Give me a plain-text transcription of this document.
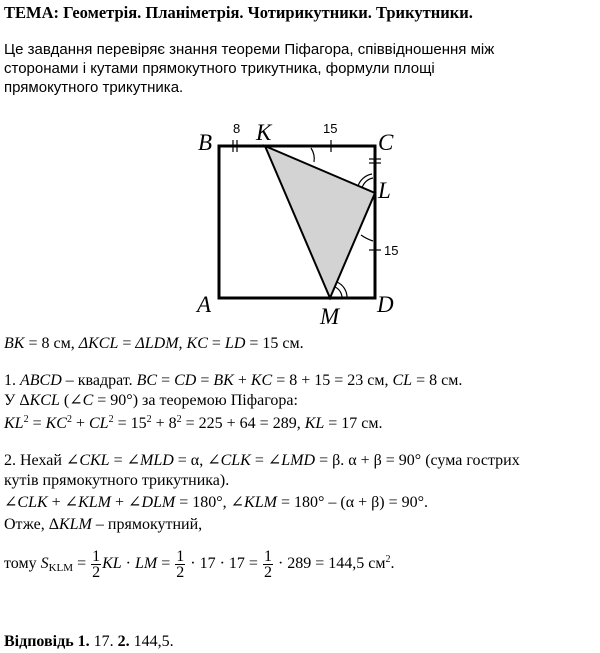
ТЕМА: Геометрія. Планіметрія. Чотирикутники. Трикутники.
Це завдання перевіряє знання теореми Піфагора, співвідношення між
сторонами і кутами прямокутного трикутника, формули площі
прямокутного трикутника.
B K	C
L
A	M D
8	15
15
BK = 8 см, ΔKCL = ΔLDM, KC = LD = 15 см.
1. ABCD – квадрат. BC = CD = BK + KC = 8 + 15 = 23 см, CL = 8 см.
У ΔKCL (∠C = 90°) за теоремою Піфагора:
$KL^2 = KC^2 + CL^2 = 15^2 + 8^2 = 225 + 64 = 289$, KL = 17 см.
2. Нехай ∠CKL = ∠MLD = α, ∠CLK = ∠LMD = β. α + β = 90° (сума гострих
кутів прямокутного трикутника).
∠CLK + ∠KLM + ∠DLM = 180°, ∠KLM = 180° – (α + β) = 90°.
Отже, ΔKLM – прямокутний,
тому $S_{KLM} = \frac{1}{2}$ KL · LM = $\frac{1}{2} \cdot 17 \cdot 17 = \frac{1}{2} \cdot 289 = 144,5$ $см^2$.
Відповідь 1. 17. 2. 144,5.
